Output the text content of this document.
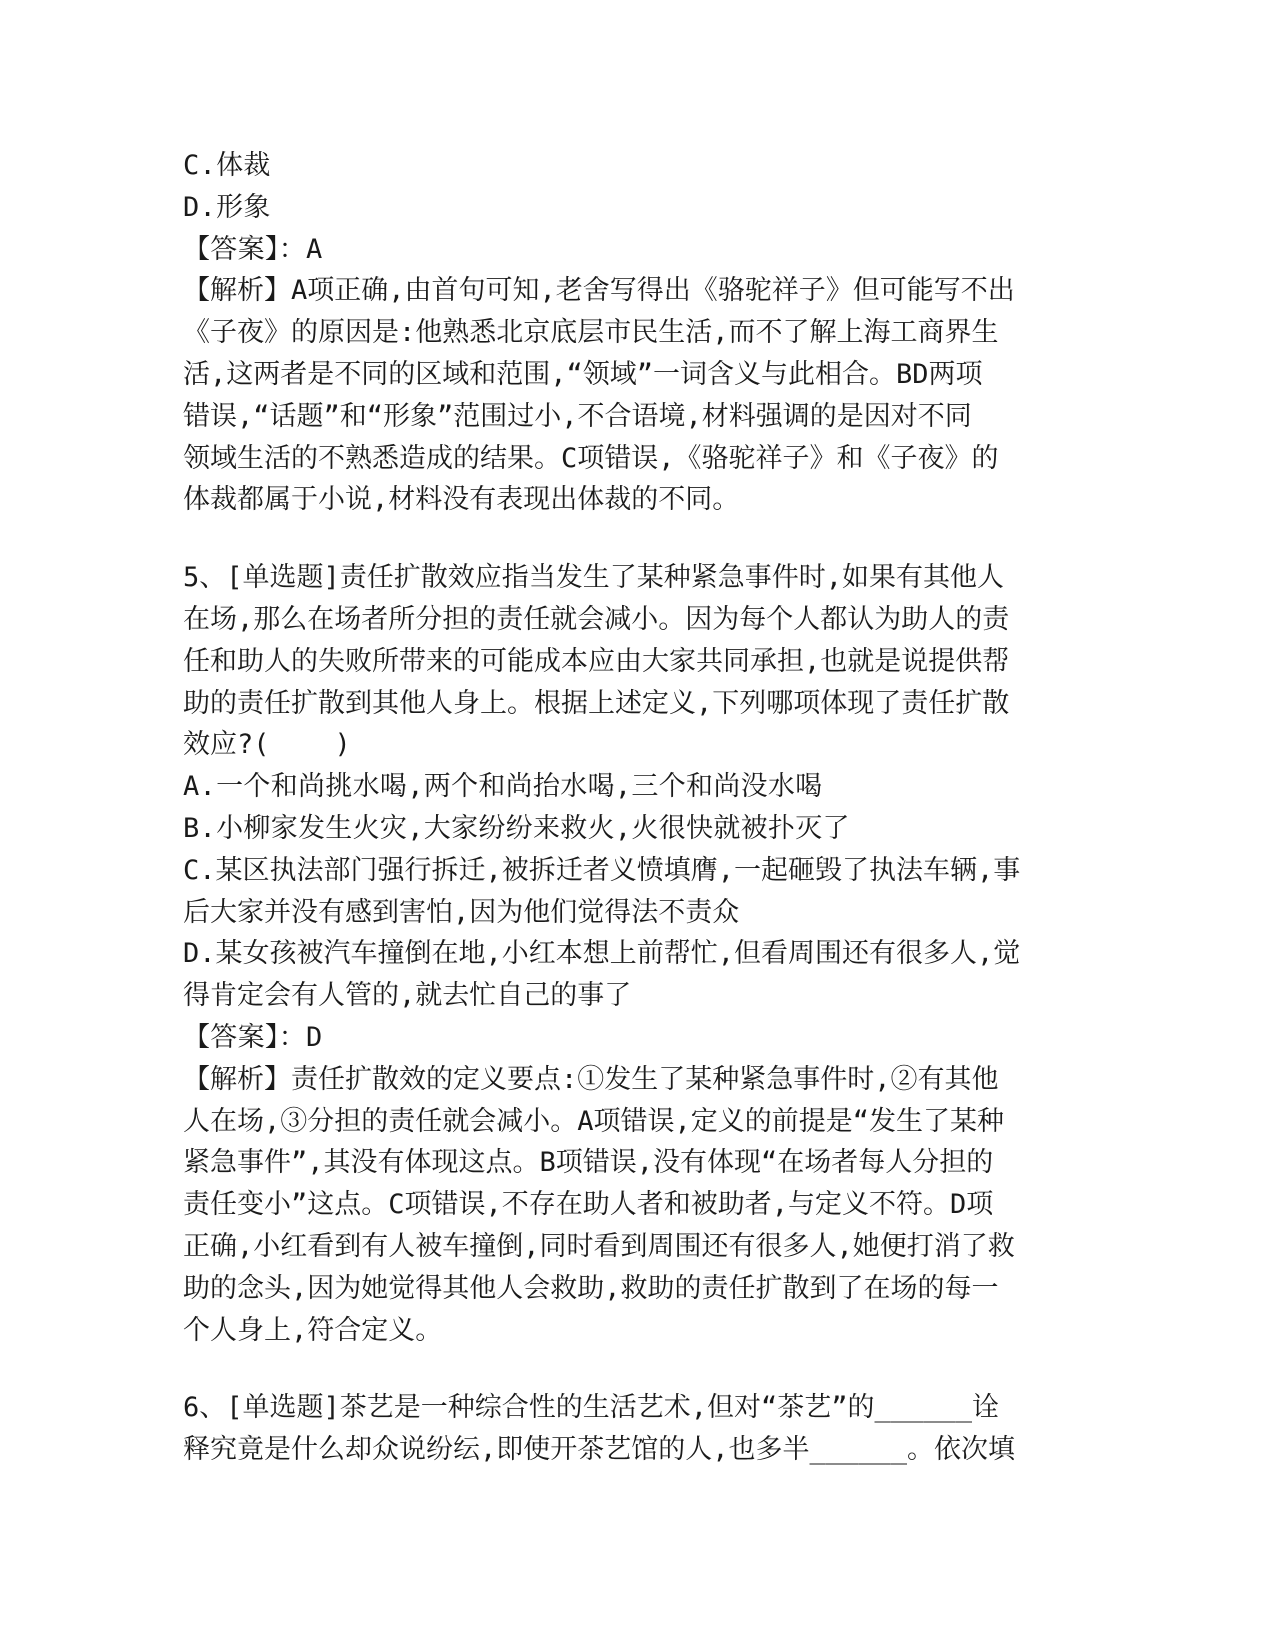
C.体裁

D.形象

【答案】：A

【解析】A项正确,由首句可知,老舍写得出《骆驼祥子》但可能写不出
《子夜》的原因是:他熟悉北京底层市民生活,而不了解上海工商界生
活,这两者是不同的区域和范围,“领域”一词含义与此相合。BD两项
错误,“话题”和“形象”范围过小,不合语境,材料强调的是因对不同
领域生活的不熟悉造成的结果。C项错误,《骆驼祥子》和《子夜》的
体裁都属于小说,材料没有表现出体裁的不同。
5、[单选题]责任扩散效应指当发生了某种紧急事件时,如果有其他人
在场,那么在场者所分担的责任就会减小。因为每个人都认为助人的责
任和助人的失败所带来的可能成本应由大家共同承担,也就是说提供帮
助的责任扩散到其他人身上。根据上述定义,下列哪项体现了责任扩散
效应?(    )

A.一个和尚挑水喝,两个和尚抬水喝,三个和尚没水喝

B.小柳家发生火灾,大家纷纷来救火,火很快就被扑灭了

C.某区执法部门强行拆迁,被拆迁者义愤填膺,一起砸毁了执法车辆,事
后大家并没有感到害怕,因为他们觉得法不责众
D.某女孩被汽车撞倒在地,小红本想上前帮忙,但看周围还有很多人,觉
得肯定会有人管的,就去忙自己的事了

【答案】：D

【解析】责任扩散效的定义要点:①发生了某种紧急事件时,②有其他
人在场,③分担的责任就会减小。A项错误,定义的前提是“发生了某种
紧急事件”,其没有体现这点。B项错误,没有体现“在场者每人分担的
责任变小”这点。C项错误,不存在助人者和被助者,与定义不符。D项
正确,小红看到有人被车撞倒,同时看到周围还有很多人,她便打消了救
助的念头,因为她觉得其他人会救助,救助的责任扩散到了在场的每一
个人身上,符合定义。
6、[单选题]茶艺是一种综合性的生活艺术,但对“茶艺”的______诠
释究竟是什么却众说纷纭,即使开茶艺馆的人,也多半______。依次填
